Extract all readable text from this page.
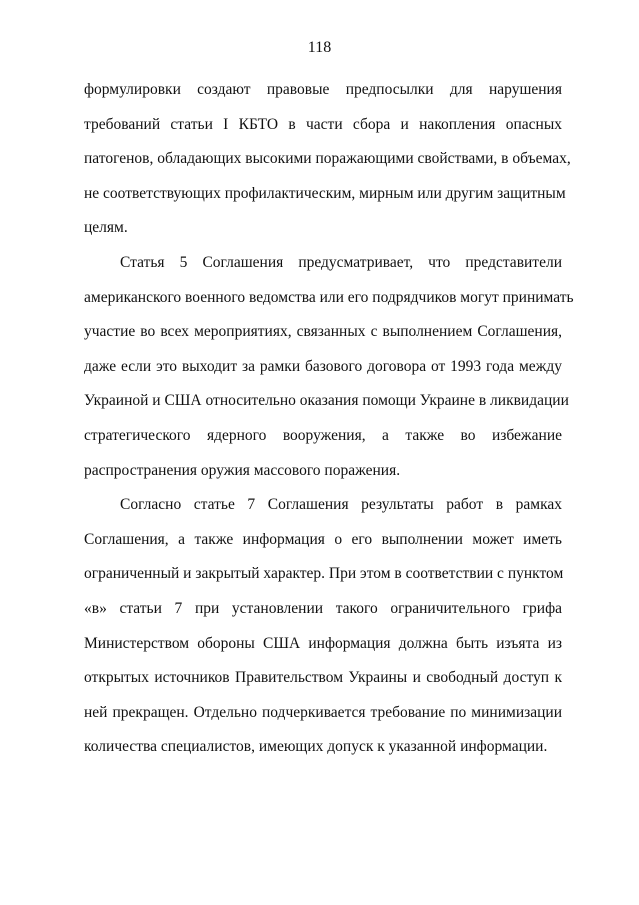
118
формулировки создают правовые предпосылки для нарушения
требований статьи I КБТО в части сбора и накопления опасных
патогенов, обладающих высокими поражающими свойствами, в объемах,
не соответствующих профилактическим, мирным или другим защитным
целям.
Статья 5 Соглашения предусматривает, что представители
американского военного ведомства или его подрядчиков могут принимать
участие во всех мероприятиях, связанных с выполнением Соглашения,
даже если это выходит за рамки базового договора от 1993 года между
Украиной и США относительно оказания помощи Украине в ликвидации
стратегического ядерного вооружения, а также во избежание
распространения оружия массового поражения.
Согласно статье 7 Соглашения результаты работ в рамках
Соглашения, а также информация о его выполнении может иметь
ограниченный и закрытый характер. При этом в соответствии с пунктом
«в» статьи 7 при установлении такого ограничительного грифа
Министерством обороны США информация должна быть изъята из
открытых источников Правительством Украины и свободный доступ к
ней прекращен. Отдельно подчеркивается требование по минимизации
количества специалистов, имеющих допуск к указанной информации.
